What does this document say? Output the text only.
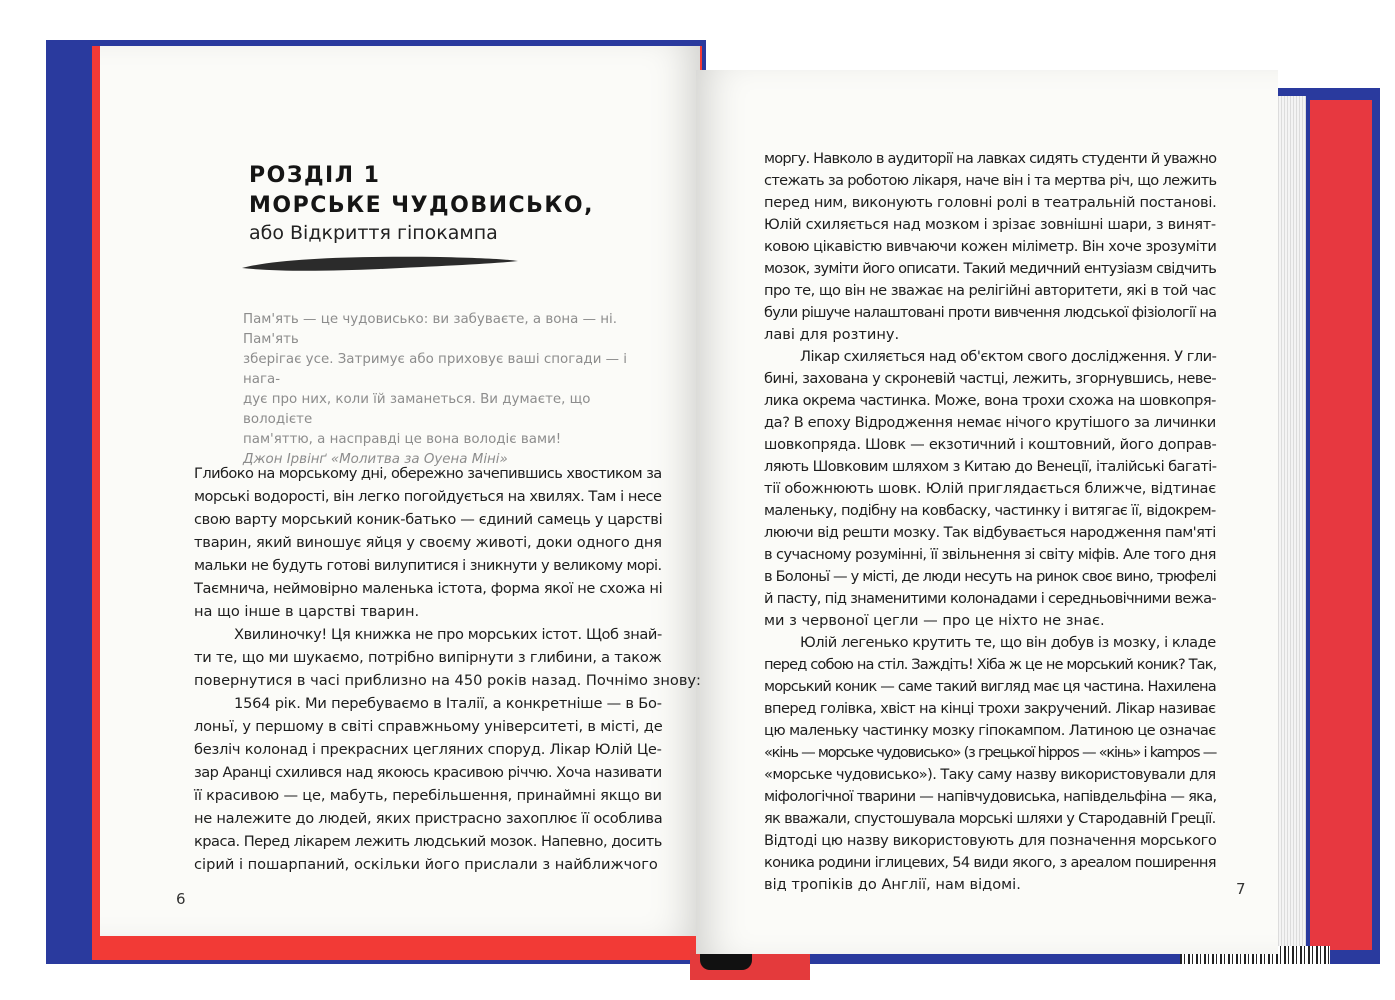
РОЗДІЛ 1
МОРСЬКЕ ЧУДОВИСЬКО,
або Відкриття гіпокампа
Пам'ять — це чудовисько: ви забуваєте, а вона — ні. Пам'ять
зберігає усе. Затримує або приховує ваші спогади — і нага-
дує про них, коли їй заманеться. Ви думаєте, що володієте
пам'яттю, а насправді це вона володіє вами!
Джон Ірвінґ «Молитва за Оуена Міні»
Глибоко на морському дні, обережно зачепившись хвостиком за
морські водорості, він легко погойдується на хвилях. Там і несе
свою варту морський коник-батько — єдиний самець у царстві
тварин, який виношує яйця у своєму животі, доки одного дня
мальки не будуть готові вилупитися і зникнути у великому морі.
Таємнича, неймовірно маленька істота, форма якої не схожа ні
на що інше в царстві тварин.
Хвилиночку! Ця книжка не про морських істот. Щоб знай-
ти те, що ми шукаємо, потрібно випірнути з глибини, а також
повернутися в часі приблизно на 450 років назад. Почнімо знову:
1564 рік. Ми перебуваємо в Італії, а конкретніше — в Бо-
лоньї, у першому в світі справжньому університеті, в місті, де
безліч колонад і прекрасних цегляних споруд. Лікар Юлій Це-
зар Аранці схилився над якоюсь красивою річчю. Хоча називати
її красивою — це, мабуть, перебільшення, принаймні якщо ви
не належите до людей, яких пристрасно захоплює її особлива
краса. Перед лікарем лежить людський мозок. Напевно, досить
сірий і пошарпаний, оскільки його прислали з найближчого
моргу. Навколо в аудиторії на лавках сидять студенти й уважно
стежать за роботою лікаря, наче він і та мертва річ, що лежить
перед ним, виконують головні ролі в театральній постанові.
Юлій схиляється над мозком і зрізає зовнішні шари, з винят-
ковою цікавістю вивчаючи кожен міліметр. Він хоче зрозуміти
мозок, зуміти його описати. Такий медичний ентузіазм свідчить
про те, що він не зважає на релігійні авторитети, які в той час
були рішуче налаштовані проти вивчення людської фізіології на
лаві для розтину.
Лікар схиляється над об'єктом свого дослідження. У гли-
бині, захована у скроневій частці, лежить, згорнувшись, неве-
лика окрема частинка. Може, вона трохи схожа на шовкопря-
да? В епоху Відродження немає нічого крутішого за личинки
шовкопряда. Шовк — екзотичний і коштовний, його доправ-
ляють Шовковим шляхом з Китаю до Венеції, італійські багаті-
тії обожнюють шовк. Юлій приглядається ближче, відтинає
маленьку, подібну на ковбаску, частинку і витягає її, відокрем-
люючи від решти мозку. Так відбувається народження пам'яті
в сучасному розумінні, її звільнення зі світу міфів. Але того дня
в Болоньї — у місті, де люди несуть на ринок своє вино, трюфелі
й пасту, під знаменитими колонадами і середньовічними вежа-
ми з червоної цегли — про це ніхто не знає.
Юлій легенько крутить те, що він добув із мозку, і кладе
перед собою на стіл. Заждіть! Хіба ж це не морський коник? Так,
морський коник — саме такий вигляд має ця частина. Нахилена
вперед голівка, хвіст на кінці трохи закручений. Лікар називає
цю маленьку частинку мозку гіпокампом. Латиною це означає
«кінь — морське чудовисько» (з грецької hippos — «кінь» і kampos —
«морське чудовисько»). Таку саму назву використовували для
міфологічної тварини — напівчудовиська, напівдельфіна — яка,
як вважали, спустошувала морські шляхи у Стародавній Греції.
Відтоді цю назву використовують для позначення морського
коника родини іглицевих, 54 види якого, з ареалом поширення
від тропіків до Англії, нам відомі.
6
7
